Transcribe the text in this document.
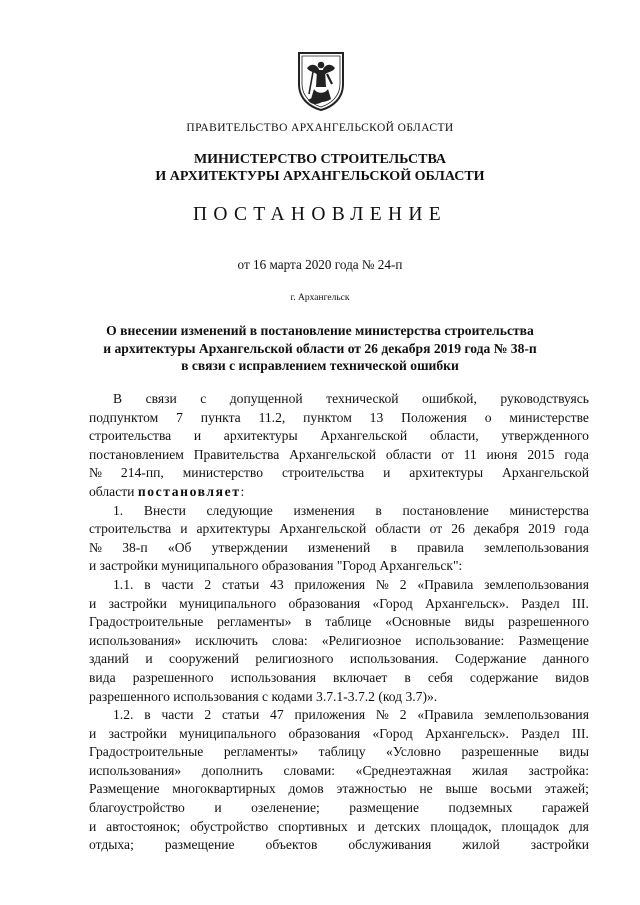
ПРАВИТЕЛЬСТВО АРХАНГЕЛЬСКОЙ ОБЛАСТИ
МИНИСТЕРСТВО СТРОИТЕЛЬСТВА
И АРХИТЕКТУРЫ АРХАНГЕЛЬСКОЙ ОБЛАСТИ
ПОСТАНОВЛЕНИЕ
от 16 марта 2020 года № 24-п
г. Архангельск
О внесении изменений в постановление министерства строительства
и архитектуры Архангельской области от 26 декабря 2019 года № 38-п
в связи с исправлением технической ошибки
В связи с допущенной технической ошибкой, руководствуясь
подпунктом 7 пункта 11.2, пунктом 13 Положения о министерстве
строительства и архитектуры Архангельской области, утвержденного
постановлением Правительства Архангельской области от 11 июня 2015 года
№ 214-пп, министерство строительства и архитектуры Архангельской
области постановляет:
1. Внести следующие изменения в постановление министерства
строительства и архитектуры Архангельской области от 26 декабря 2019 года
№ 38-п «Об утверждении изменений в правила землепользования
и застройки муниципального образования "Город Архангельск":
1.1. в части 2 статьи 43 приложения № 2 «Правила землепользования
и застройки муниципального образования «Город Архангельск». Раздел III.
Градостроительные регламенты» в таблице «Основные виды разрешенного
использования» исключить слова: «Религиозное использование: Размещение
зданий и сооружений религиозного использования. Содержание данного
вида разрешенного использования включает в себя содержание видов
разрешенного использования с кодами 3.7.1-3.7.2 (код 3.7)».
1.2. в части 2 статьи 47 приложения № 2 «Правила землепользования
и застройки муниципального образования «Город Архангельск». Раздел III.
Градостроительные регламенты» таблицу «Условно разрешенные виды
использования» дополнить словами: «Среднеэтажная жилая застройка:
Размещение многоквартирных домов этажностью не выше восьми этажей;
благоустройство и озеленение; размещение подземных гаражей
и автостоянок; обустройство спортивных и детских площадок, площадок для
отдыха; размещение объектов обслуживания жилой застройки
